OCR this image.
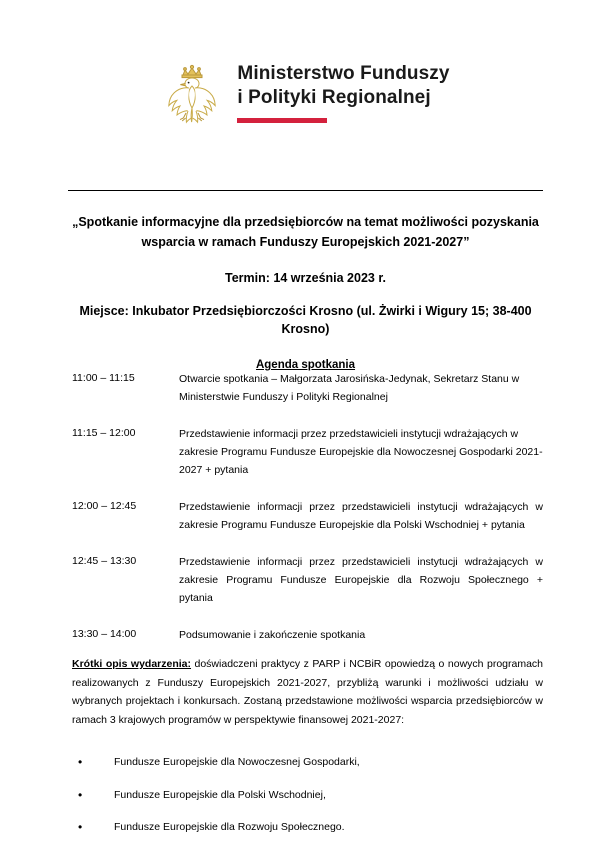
Ministerstwo Funduszy
i Polityki Regionalnej
„Spotkanie informacyjne dla przedsiębiorców na temat możliwości pozyskania wsparcia w ramach Funduszy Europejskich 2021-2027”
Termin: 14 września 2023 r.
Miejsce: Inkubator Przedsiębiorczości Krosno (ul. Żwirki i Wigury 15; 38-400 Krosno)
Agenda spotkania
11:00 – 11:15	Otwarcie spotkania – Małgorzata Jarosińska-Jedynak, Sekretarz Stanu w Ministerstwie Funduszy i Polityki Regionalnej
11:15 – 12:00	Przedstawienie informacji przez przedstawicieli instytucji wdrażających w zakresie Programu Fundusze Europejskie dla Nowoczesnej Gospodarki 2021-2027 + pytania
12:00 – 12:45	Przedstawienie informacji przez przedstawicieli instytucji wdrażających w zakresie Programu Fundusze Europejskie dla Polski Wschodniej + pytania
12:45 – 13:30	Przedstawienie informacji przez przedstawicieli instytucji wdrażających w zakresie Programu Fundusze Europejskie dla Rozwoju Społecznego + pytania
13:30 – 14:00	Podsumowanie i zakończenie spotkania

Krótki opis wydarzenia: doświadczeni praktycy z PARP i NCBiR opowiedzą o nowych programach realizowanych z Funduszy Europejskich 2021-2027, przybliżą warunki i możliwości udziału w wybranych projektach i konkursach. Zostaną przedstawione możliwości wsparcia przedsiębiorców w ramach 3 krajowych programów w perspektywie finansowej 2021-2027:

•	Fundusze Europejskie dla Nowoczesnej Gospodarki,
•	Fundusze Europejskie dla Polski Wschodniej,
•	Fundusze Europejskie dla Rozwoju Społecznego.
